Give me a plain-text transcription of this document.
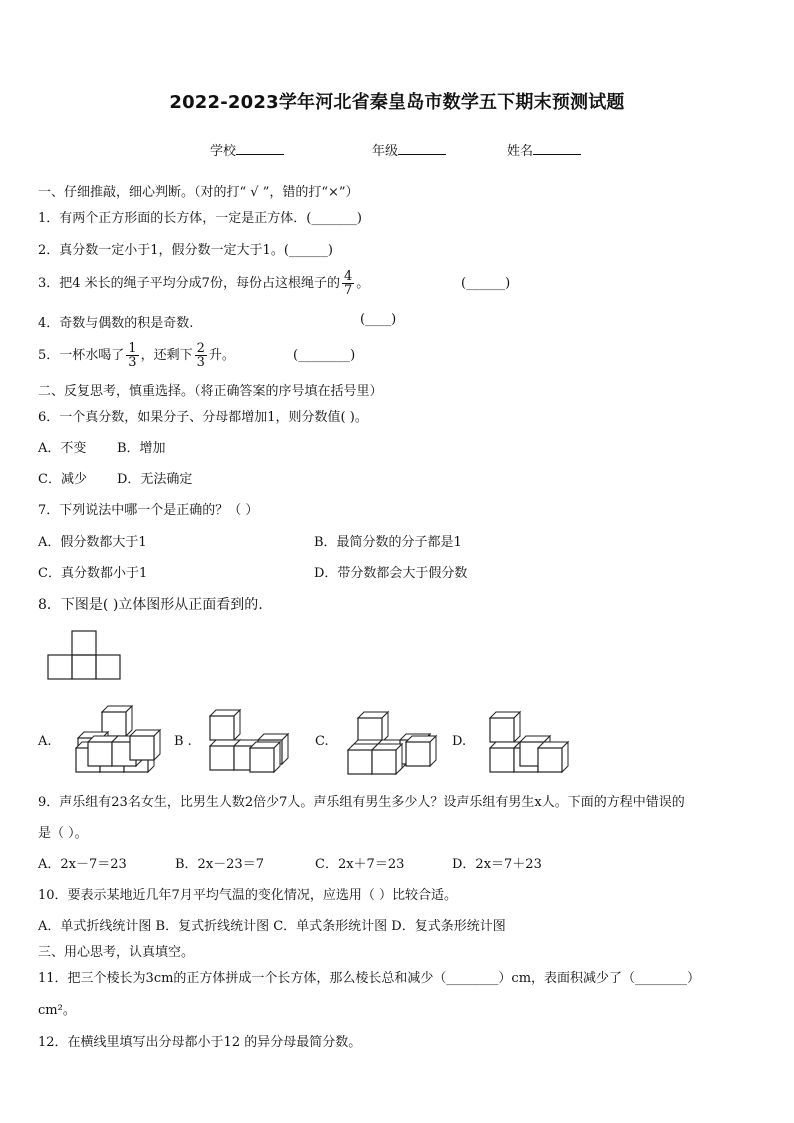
2022-2023学年河北省秦皇岛市数学五下期末预测试题
学校	年级	姓名
一、仔细推敲，细心判断。（对的打“ √ ”，错的打“×”）
1．有两个正方形面的长方体，一定是正方体．(_______)
2．真分数一定小于1，假分数一定大于1。(______)
3．把4 米长的绳子平均分成7份，每份占这根绳子的 $\frac{4}{7}$ 。	(______)
4．奇数与偶数的积是奇数.	(____)
5．一杯水喝了 $\frac{1}{3}$ ，还剩下 $\frac{2}{3}$ 升。	(________)
二、反复思考，慎重选择。（将正确答案的序号填在括号里）
6．一个真分数，如果分子、分母都增加1，则分数值( )。
A．不变 B．增加
C．减少 D．无法确定
7．下列说法中哪一个是正确的？（ ）
A．假分数都大于1	B．最简分数的分子都是1
C．真分数都小于1	D．带分数都会大于假分数
8．下图是( )立体图形从正面看到的.
A.	B .	C.	D.
9．声乐组有23名女生，比男生人数2倍少7人。声乐组有男生多少人？设声乐组有男生x人。下面的方程中错误的
是（ ）。
A．2x－7＝23	B．2x－23＝7	C．2x＋7＝23	D．2x＝7＋23
10．要表示某地近几年7月平均气温的变化情况，应选用（ ）比较合适。
A．单式折线统计图 B．复式折线统计图 C．单式条形统计图 D．复式条形统计图
三、用心思考，认真填空。
11．把三个棱长为3cm的正方体拼成一个长方体，那么棱长总和减少（________）cm，表面积减少了（________）
cm²。
12．在横线里填写出分母都小于12 的异分母最简分数。
